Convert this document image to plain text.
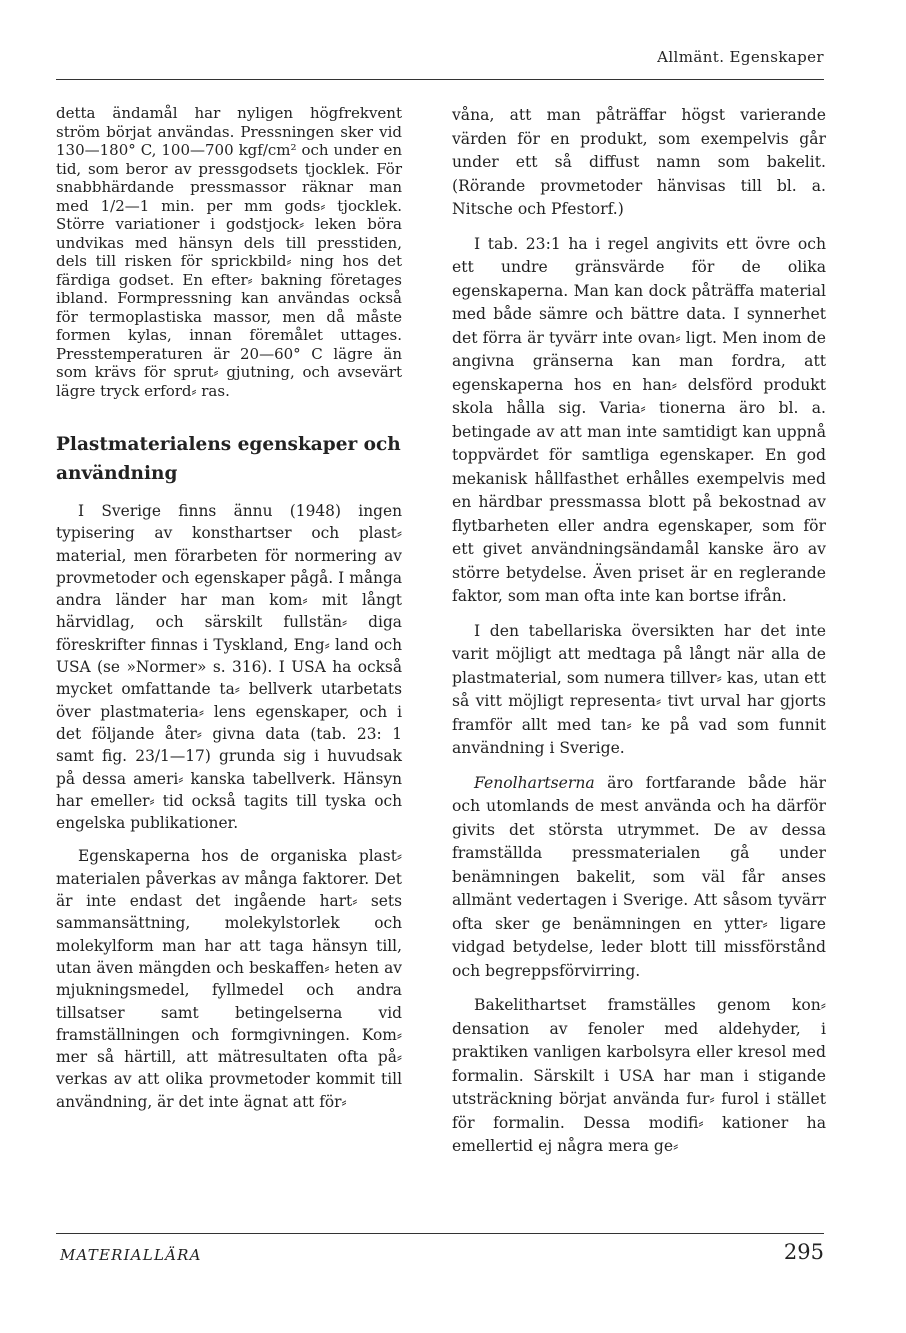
Allmänt. Egenskaper

detta ändamål har nyligen högfrekvent ström börjat användas. Pressningen sker vid 130—180° C, 100—700 kgf/cm² och under en tid, som beror av pressgodsets tjocklek. För snabbhärdande pressmassor räknar man med 1/2—1 min. per mm gods⸗ tjocklek. Större variationer i godstjock⸗ leken böra undvikas med hänsyn dels till presstiden, dels till risken för sprickbild⸗ ning hos det färdiga godset. En efter⸗ bakning företages ibland. Formpressning kan användas också för termoplastiska massor, men då måste formen kylas, innan föremålet uttages. Presstemperaturen är 20—60° C lägre än som krävs för sprut⸗ gjutning, och avsevärt lägre tryck erford⸗ ras.

Plastmaterialens egenskaper och användning

I Sverige finns ännu (1948) ingen typisering av konsthartser och plast⸗ material, men förarbeten för normering av provmetoder och egenskaper pågå. I många andra länder har man kom⸗ mit långt härvidlag, och särskilt fullstän⸗ diga föreskrifter finnas i Tyskland, Eng⸗ land och USA (se »Normer» s. 316). I USA ha också mycket omfattande ta⸗ bellverk utarbetats över plastmateria⸗ lens egenskaper, och i det följande åter⸗ givna data (tab. 23: 1 samt fig. 23/1—17) grunda sig i huvudsak på dessa ameri⸗ kanska tabellverk. Hänsyn har emeller⸗ tid också tagits till tyska och engelska publikationer.

Egenskaperna hos de organiska plast⸗ materialen påverkas av många faktorer. Det är inte endast det ingående hart⸗ sets sammansättning, molekylstorlek och molekylform man har att taga hänsyn till, utan även mängden och beskaffen⸗ heten av mjukningsmedel, fyllmedel och andra tillsatser samt betingelserna vid framställningen och formgivningen. Kom⸗ mer så härtill, att mätresultaten ofta på⸗ verkas av att olika provmetoder kommit till användning, är det inte ägnat att för⸗

våna, att man påträffar högst varierande värden för en produkt, som exempelvis går under ett så diffust namn som bakelit. (Rörande provmetoder hänvisas till bl. a. Nitsche och Pfestorf.)

I tab. 23:1 ha i regel angivits ett övre och ett undre gränsvärde för de olika egenskaperna. Man kan dock påträffa material med både sämre och bättre data. I synnerhet det förra är tyvärr inte ovan⸗ ligt. Men inom de angivna gränserna kan man fordra, att egenskaperna hos en han⸗ delsförd produkt skola hålla sig. Varia⸗ tionerna äro bl. a. betingade av att man inte samtidigt kan uppnå toppvärdet för samtliga egenskaper. En god mekanisk hållfasthet erhålles exempelvis med en härdbar pressmassa blott på bekostnad av flytbarheten eller andra egenskaper, som för ett givet användningsändamål kanske äro av större betydelse. Även priset är en reglerande faktor, som man ofta inte kan bortse ifrån.

I den tabellariska översikten har det inte varit möjligt att medtaga på långt när alla de plastmaterial, som numera tillver⸗ kas, utan ett så vitt möjligt representa⸗ tivt urval har gjorts framför allt med tan⸗ ke på vad som funnit användning i Sverige.

Fenolhartserna äro fortfarande både här och utomlands de mest använda och ha därför givits det största utrymmet. De av dessa framställda pressmaterialen gå under benämningen bakelit, som väl får anses allmänt vedertagen i Sverige. Att såsom tyvärr ofta sker ge benämningen en ytter⸗ ligare vidgad betydelse, leder blott till missförstånd och begreppsförvirring.

Bakelithartset framställes genom kon⸗ densation av fenoler med aldehyder, i praktiken vanligen karbolsyra eller kresol med formalin. Särskilt i USA har man i stigande utsträckning börjat använda fur⸗ furol i stället för formalin. Dessa modifi⸗ kationer ha emellertid ej några mera ge⸗

MATERIALLÄRA	295
